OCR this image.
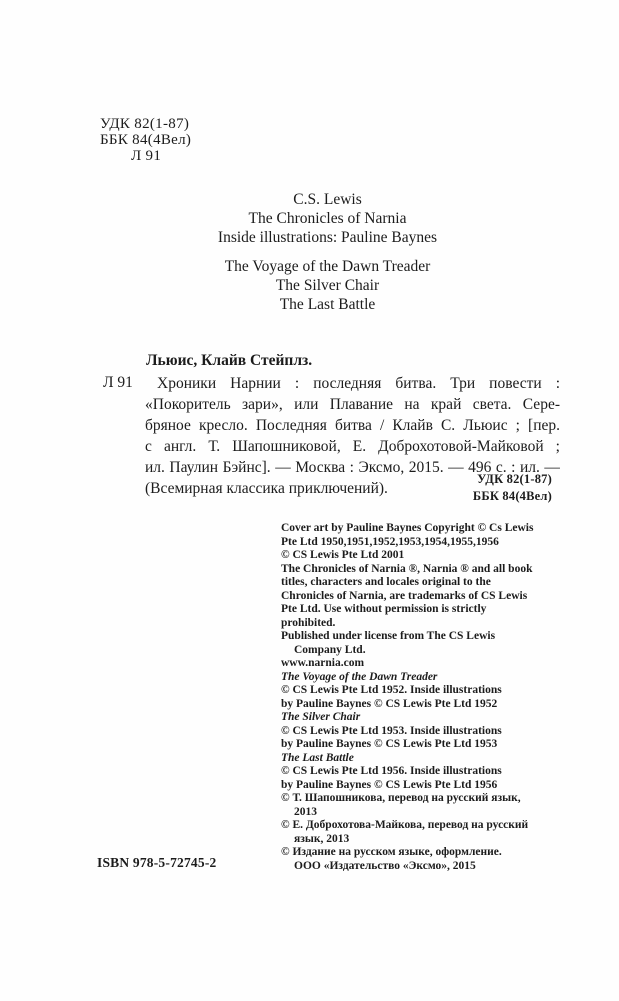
УДК 82(1-87)
ББК 84(4Вел)
Л 91
C.S. Lewis
The Chronicles of Narnia
Inside illustrations: Pauline Baynes
The Voyage of the Dawn Treader
The Silver Chair
The Last Battle
Льюис, Клайв Стейплз.
Л 91 Хроники Нарнии : последняя битва. Три повести :
«Покоритель зари», или Плавание на край света. Сере-
бряное кресло. Последняя битва / Клайв С. Льюис ; [пер.
с англ. Т. Шапошниковой, Е. Доброхотовой-Майковой ;
ил. Паулин Бэйнс]. — Москва : Эксмо, 2015. — 496 с. : ил. —
(Всемирная классика приключений).
УДК 82(1-87)
ББК 84(4Вел)
Cover art by Pauline Baynes Copyright © Cs Lewis
Pte Ltd 1950,1951,1952,1953,1954,1955,1956
© CS Lewis Pte Ltd 2001
The Chronicles of Narnia ®, Narnia ® and all book
titles, characters and locales original to the
Chronicles of Narnia, are trademarks of CS Lewis
Pte Ltd. Use without permission is strictly
prohibited.
Published under license from The CS Lewis
Company Ltd.
www.narnia.com
The Voyage of the Dawn Treader
© CS Lewis Pte Ltd 1952. Inside illustrations
by Pauline Baynes © CS Lewis Pte Ltd 1952
The Silver Chair
© CS Lewis Pte Ltd 1953. Inside illustrations
by Pauline Baynes © CS Lewis Pte Ltd 1953
The Last Battle
© CS Lewis Pte Ltd 1956. Inside illustrations
by Pauline Baynes © CS Lewis Pte Ltd 1956
© Т. Шапошникова, перевод на русский язык,
2013
© Е. Доброхотова-Майкова, перевод на русский
язык, 2013
© Издание на русском языке, оформление.
ООО «Издательство «Эксмо», 2015
ISBN 978-5-72745-2
